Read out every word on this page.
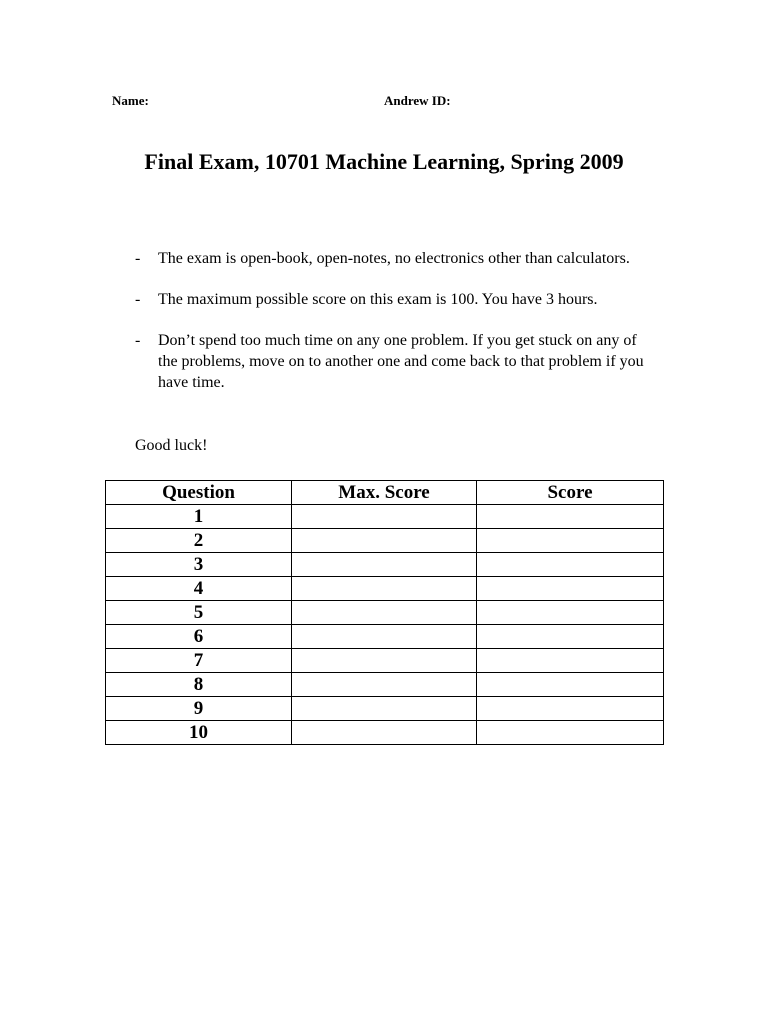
Name:	Andrew ID:
Final Exam, 10701 Machine Learning, Spring 2009
-	The exam is open-book, open-notes, no electronics other than calculators.
-	The maximum possible score on this exam is 100. You have 3 hours.
-	Don’t spend too much time on any one problem. If you get stuck on any of the problems, move on to another one and come back to that problem if you have time.
Good luck!
Question	Max. Score	Score
1		
2		
3		
4		
5		
6		
7		
8		
9		
10		
